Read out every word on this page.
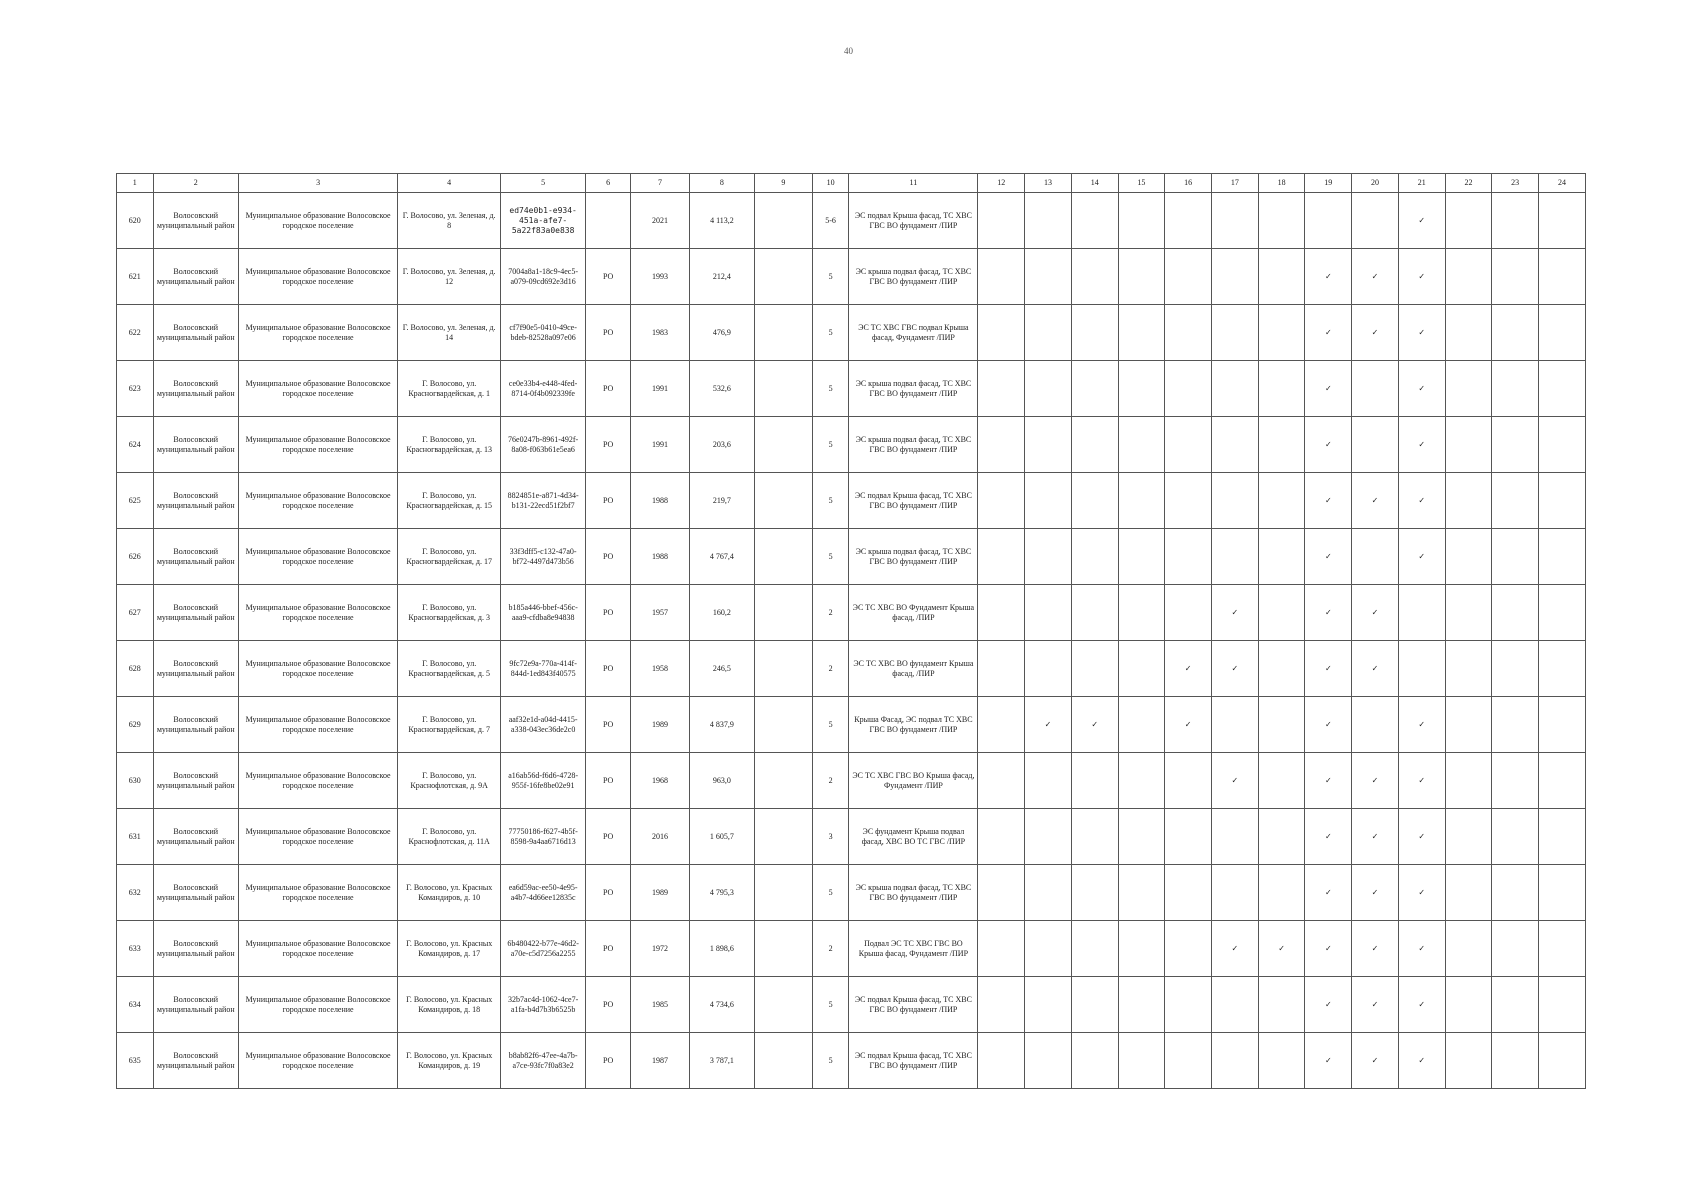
40
1	2	3	4	5	6	7	8	9	10	11	12	13	14	15	16	17	18	19	20	21	22	23	24
620	Волосовский муниципальный район	Муниципальное образование Волосовское городское поселение	Г. Волосово, ул. Зеленая, д. 8	ed74e0b1-e934-451a-afe7-5a22f83a0e838		2021	4 113,2		5-6	ЭС подвал Крыша фасад, ТС ХВС ГВС ВО фундамент /ПИР										✓			
621	Волосовский муниципальный район	Муниципальное образование Волосовское городское поселение	Г. Волосово, ул. Зеленая, д. 12	7004a8a1-18c9-4ec5-a079-09cd692e3d16	РО	1993	212,4		5	ЭС крыша подвал фасад, ТС ХВС ГВС ВО фундамент /ПИР								✓	✓	✓			
622	Волосовский муниципальный район	Муниципальное образование Волосовское городское поселение	Г. Волосово, ул. Зеленая, д. 14	cf7f90e5-0410-49ce-bdeb-82528a097e06	РО	1983	476,9		5	ЭС ТС ХВС ГВС подвал Крыша фасад, Фундамент /ПИР								✓	✓	✓			
623	Волосовский муниципальный район	Муниципальное образование Волосовское городское поселение	Г. Волосово, ул. Красногвардейская, д. 1	ce0e33b4-e448-4fed-8714-0f4b092339fe	РО	1991	532,6		5	ЭС крыша подвал фасад, ТС ХВС ГВС ВО фундамент /ПИР								✓		✓			
624	Волосовский муниципальный район	Муниципальное образование Волосовское городское поселение	Г. Волосово, ул. Красногвардейская, д. 13	76e0247b-8961-492f-8a08-f063b61e5ea6	РО	1991	203,6		5	ЭС крыша подвал фасад, ТС ХВС ГВС ВО фундамент /ПИР								✓		✓			
625	Волосовский муниципальный район	Муниципальное образование Волосовское городское поселение	Г. Волосово, ул. Красногвардейская, д. 15	8824851e-a871-4d34-b131-22ecd51f2bf7	РО	1988	219,7		5	ЭС подвал Крыша фасад, ТС ХВС ГВС ВО фундамент /ПИР								✓	✓	✓			
626	Волосовский муниципальный район	Муниципальное образование Волосовское городское поселение	Г. Волосово, ул. Красногвардейская, д. 17	33f3dff5-c132-47a0-bf72-4497d473b56	РО	1988	4 767,4		5	ЭС крыша подвал фасад, ТС ХВС ГВС ВО фундамент /ПИР								✓		✓			
627	Волосовский муниципальный район	Муниципальное образование Волосовское городское поселение	Г. Волосово, ул. Красногвардейская, д. 3	b185a446-bbef-456c-aaa9-cfdba8e94838	РО	1957	160,2		2	ЭС ТС ХВС ВО Фундамент Крыша фасад, /ПИР						✓		✓	✓				
628	Волосовский муниципальный район	Муниципальное образование Волосовское городское поселение	Г. Волосово, ул. Красногвардейская, д. 5	9fc72e9a-770a-414f-844d-1ed843f40575	РО	1958	246,5		2	ЭС ТС ХВС ВО фундамент Крыша фасад, /ПИР					✓	✓		✓	✓				
629	Волосовский муниципальный район	Муниципальное образование Волосовское городское поселение	Г. Волосово, ул. Красногвардейская, д. 7	aaf32e1d-a04d-4415-a338-043ec36de2c0	РО	1989	4 837,9		5	Крыша Фасад, ЭС подвал ТС ХВС ГВС ВО фундамент /ПИР		✓	✓		✓			✓		✓			
630	Волосовский муниципальный район	Муниципальное образование Волосовское городское поселение	Г. Волосово, ул. Краснофлотская, д. 9А	a16ab56d-f6d6-4728-955f-16fe8be02e91	РО	1968	963,0		2	ЭС ТС ХВС ГВС ВО Крыша фасад, Фундамент /ПИР						✓		✓	✓	✓			
631	Волосовский муниципальный район	Муниципальное образование Волосовское городское поселение	Г. Волосово, ул. Краснофлотская, д. 11А	77750186-f627-4b5f-8598-9a4aa6716d13	РО	2016	1 605,7		3	ЭС фундамент Крыша подвал фасад, ХВС ВО ТС ГВС /ПИР								✓	✓	✓			
632	Волосовский муниципальный район	Муниципальное образование Волосовское городское поселение	Г. Волосово, ул. Красных Командиров, д. 10	ea6d59ac-ee50-4e95-a4b7-4d66ee12835c	РО	1989	4 795,3		5	ЭС крыша подвал фасад, ТС ХВС ГВС ВО фундамент /ПИР								✓	✓	✓			
633	Волосовский муниципальный район	Муниципальное образование Волосовское городское поселение	Г. Волосово, ул. Красных Командиров, д. 17	6b480422-b77e-46d2-a70e-c5d7256a2255	РО	1972	1 898,6		2	Подвал ЭС ТС ХВС ГВС ВО Крыша фасад, Фундамент /ПИР						✓	✓	✓	✓	✓			
634	Волосовский муниципальный район	Муниципальное образование Волосовское городское поселение	Г. Волосово, ул. Красных Командиров, д. 18	32b7ac4d-1062-4ce7-a1fa-b4d7b3b6525b	РО	1985	4 734,6		5	ЭС подвал Крыша фасад, ТС ХВС ГВС ВО фундамент /ПИР								✓	✓	✓			
635	Волосовский муниципальный район	Муниципальное образование Волосовское городское поселение	Г. Волосово, ул. Красных Командиров, д. 19	b8ab82f6-47ee-4a7b-a7ce-93fc7f0a83e2	РО	1987	3 787,1		5	ЭС подвал Крыша фасад, ТС ХВС ГВС ВО фундамент /ПИР								✓	✓	✓			
